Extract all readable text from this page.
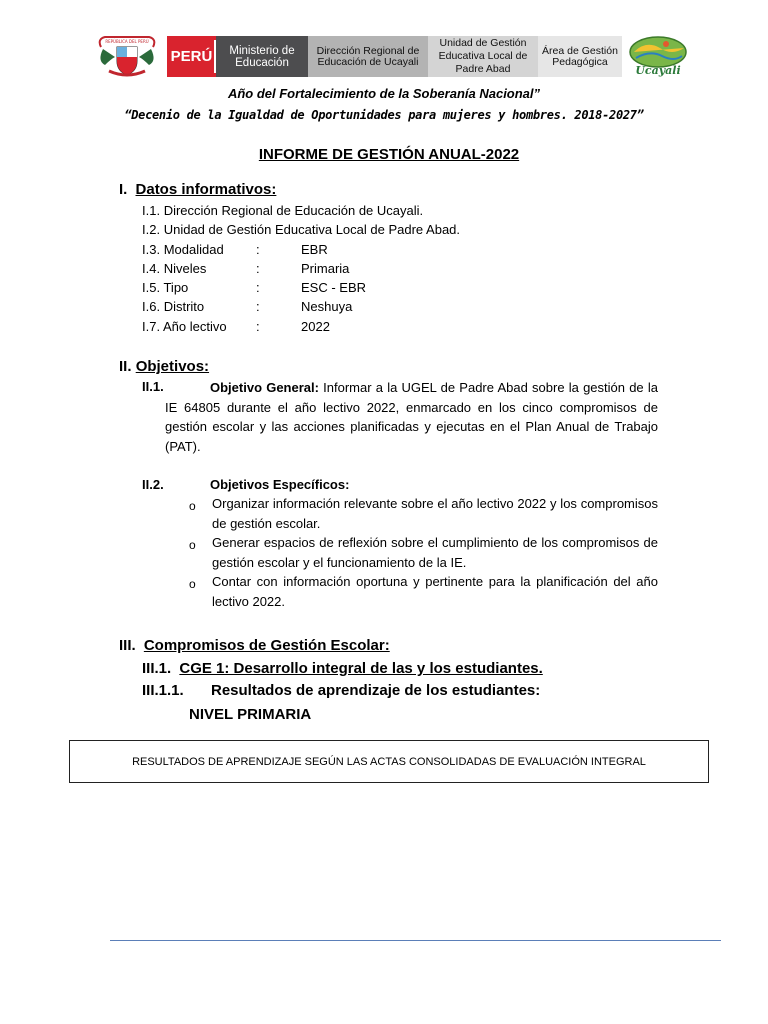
REPÚBLICA DEL PERÚ
PERÚ	Ministerio de Educación
Dirección Regional de Educación de Ucayali
Unidad de Gestión Educativa Local de Padre Abad
Área de Gestión Pedagógica
Ucayali
Año del Fortalecimiento de la Soberanía Nacional”
“Decenio de la Igualdad de Oportunidades para mujeres y hombres. 2018-2027”
INFORME DE GESTIÓN ANUAL-2022
I. Datos informativos:
I.1. Dirección Regional de Educación de Ucayali.
I.2. Unidad de Gestión Educativa Local de Padre Abad.
I.3. Modalidad :	EBR
I.4. Niveles	:	Primaria
I.5. Tipo	:	ESC - EBR
I.6. Distrito	:	Neshuya
I.7. Año lectivo :	2022
II. Objetivos:
II.1.	Objetivo General: Informar a la UGEL de Padre Abad sobre la gestión de la IE 64805 durante el año lectivo 2022, enmarcado en los cinco compromisos de gestión escolar y las acciones planificadas y ejecutas en el Plan Anual de Trabajo (PAT).
II.2.	Objetivos Específicos:
o Organizar información relevante sobre el año lectivo 2022 y los compromisos de gestión escolar.
o Generar espacios de reflexión sobre el cumplimiento de los compromisos de gestión escolar y el funcionamiento de la IE.
o Contar con información oportuna y pertinente para la planificación del año lectivo 2022.
III. Compromisos de Gestión Escolar:
III.1. CGE 1: Desarrollo integral de las y los estudiantes.
III.1.1. Resultados de aprendizaje de los estudiantes:
NIVEL PRIMARIA
RESULTADOS DE APRENDIZAJE SEGÚN LAS ACTAS CONSOLIDADAS DE EVALUACIÓN INTEGRAL
